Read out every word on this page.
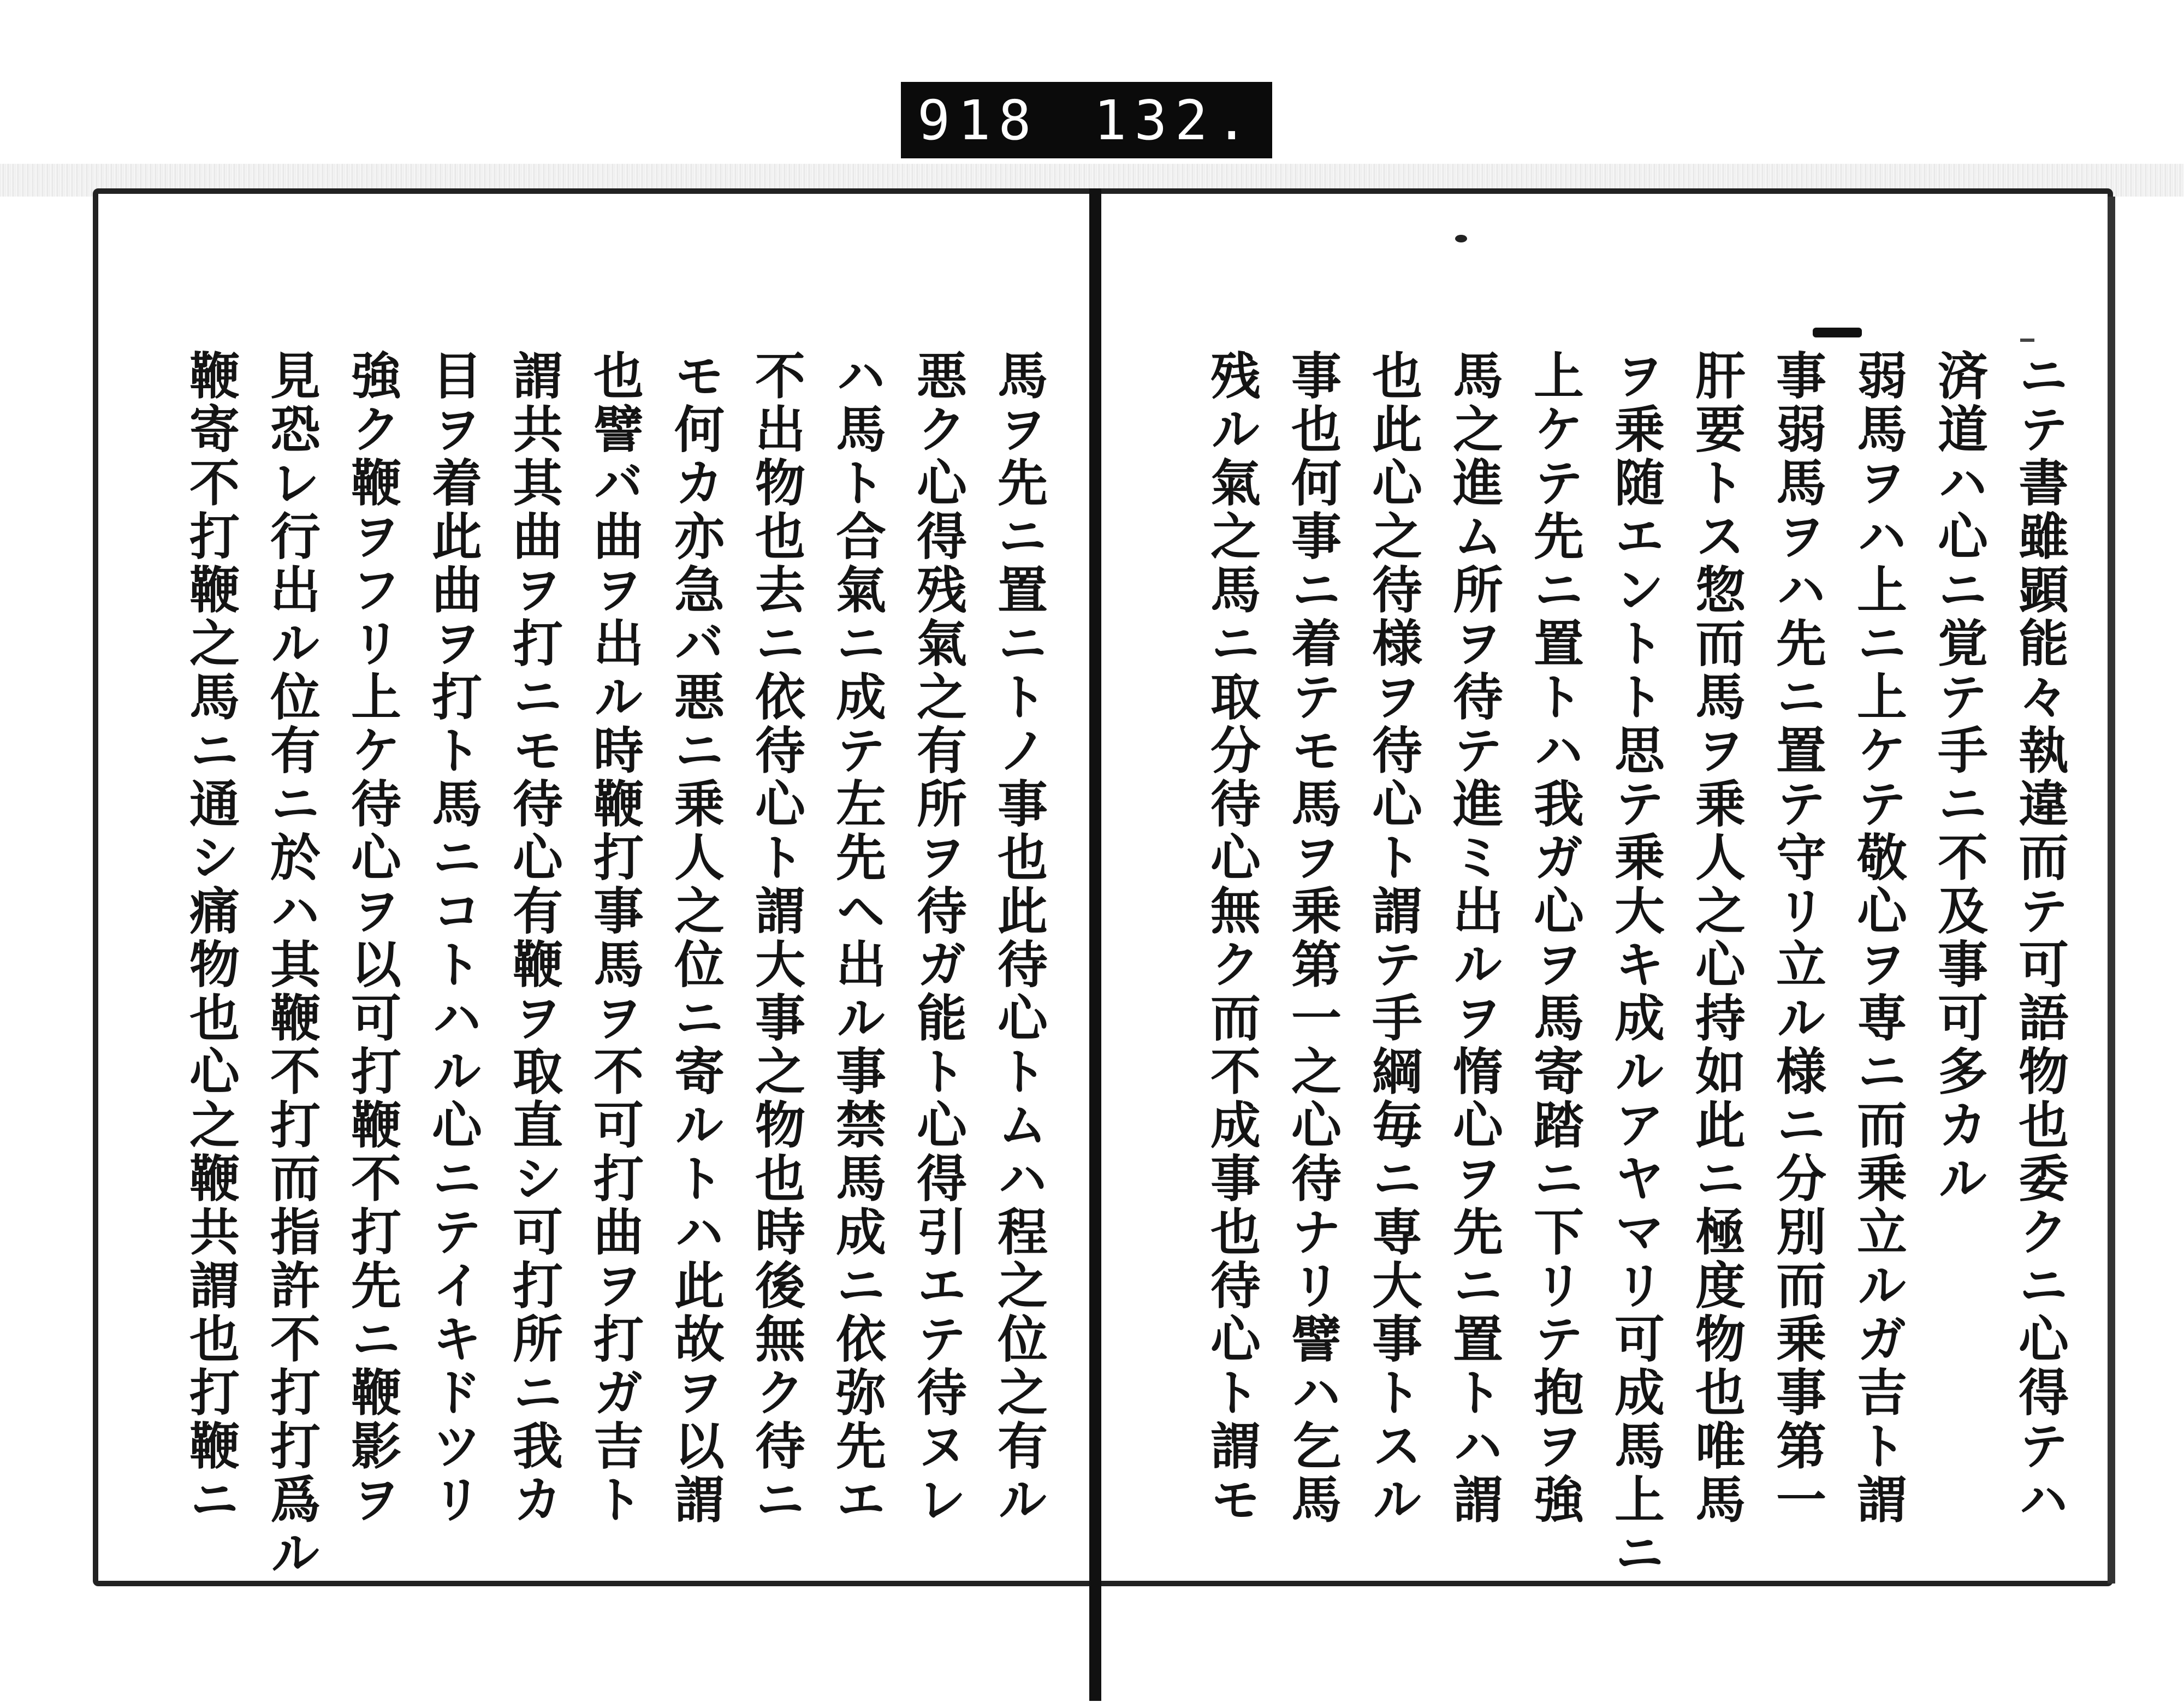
918 132.

ニテ書雖顕能々執違而テ可語物也委クニ心得テハ

済道ハ心ニ覚テ手ニ不及事可多カル

弱馬ヲハ上ニ上ケテ敬心ヲ専ニ而乗立ルガ吉ト謂

事弱馬ヲハ先ニ置テ守リ立ル様ニ分別而乗事第一

肝要トス惣而馬ヲ乗人之心持如此ニ極度物也唯馬

ヲ乗随エントト思テ乗大キ成ルアヤマリ可成馬上ニ

上ケテ先ニ置トハ我ガ心ヲ馬寄踏ニ下リテ抱ヲ強

馬之進ム所ヲ待テ進ミ出ルヲ惰心ヲ先ニ置トハ謂

也此心之待様ヲ待心ト謂テ手綱毎ニ専大事トスル

事也何事ニ着テモ馬ヲ乗第一之心待ナリ譬ハ乞馬

残ル氣之馬ニ取分待心無ク而不成事也待心ト謂モ

馬ヲ先ニ置ニトノ事也此待心トムハ程之位之有ル

悪ク心得残氣之有所ヲ待ガ能ト心得引エテ待ヌレ

ハ馬ト合氣ニ成テ左先ヘ出ル事禁馬成ニ依弥先エ

不出物也去ニ依待心ト謂大事之物也時後無ク待ニ

モ何カ亦急バ悪ニ乗人之位ニ寄ルトハ此故ヲ以謂

也譬バ曲ヲ出ル時鞭打事馬ヲ不可打曲ヲ打ガ吉ト

謂共其曲ヲ打ニモ待心有鞭ヲ取直シ可打所ニ我カ

目ヲ着此曲ヲ打ト馬ニコトハル心ニテイキドツリ

強ク鞭ヲフリ上ケ待心ヲ以可打鞭不打先ニ鞭影ヲ

見恐レ行出ル位有ニ於ハ其鞭不打而指許不打打爲ル

鞭寄不打鞭之馬ニ通シ痛物也心之鞭共謂也打鞭ニ
